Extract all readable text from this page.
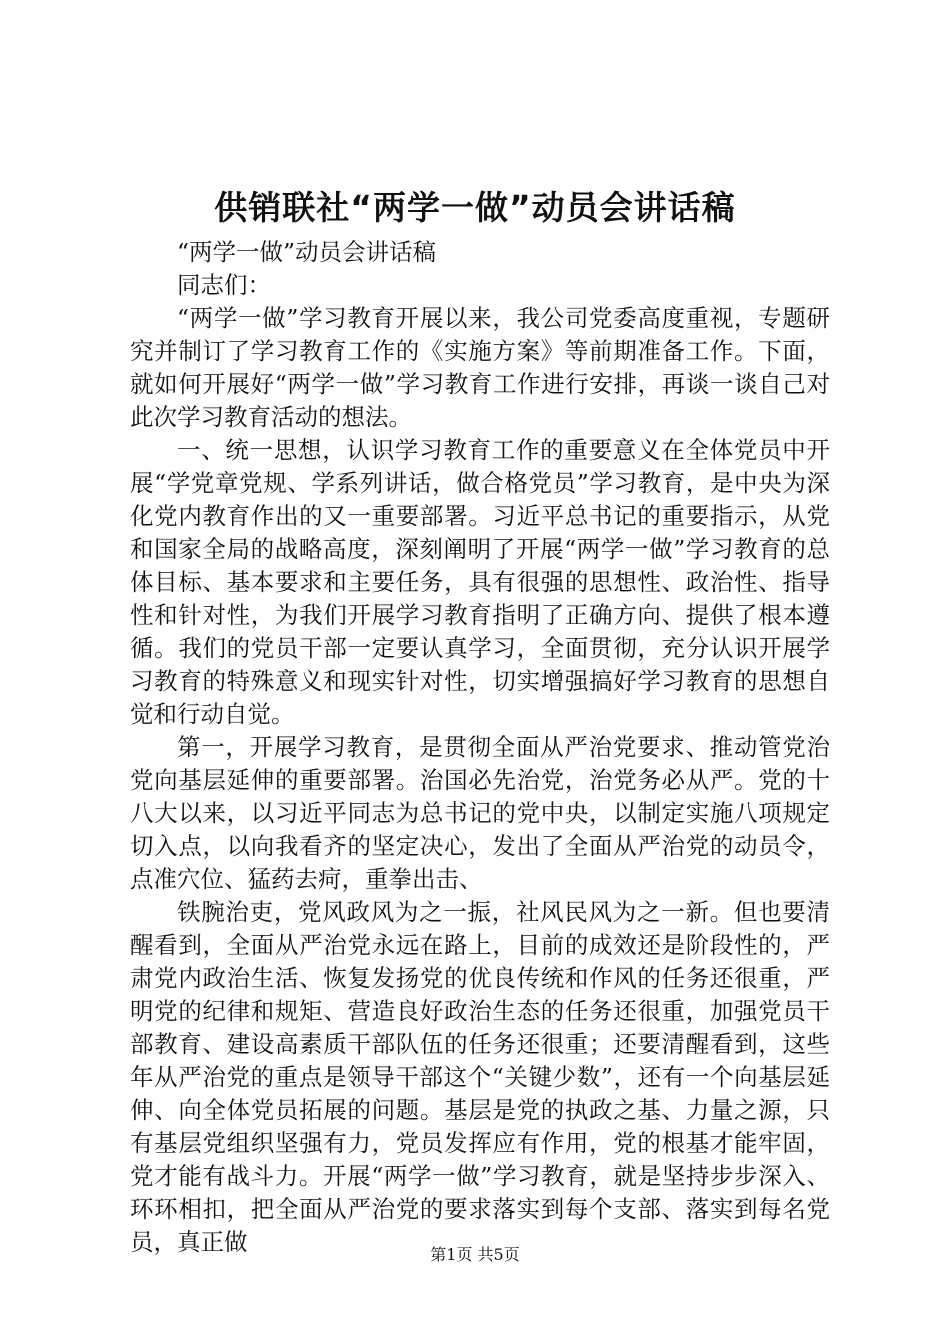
供销联社“两学一做”动员会讲话稿

“两学一做”动员会讲话稿

同志们：

“两学一做”学习教育开展以来，我公司党委高度重视，专题研究并制订了学习教育工作的《实施方案》等前期准备工作。下面，就如何开展好“两学一做”学习教育工作进行安排，再谈一谈自己对此次学习教育活动的想法。

一、统一思想，认识学习教育工作的重要意义在全体党员中开展“学党章党规、学系列讲话，做合格党员”学习教育，是中央为深化党内教育作出的又一重要部署。习近平总书记的重要指示，从党和国家全局的战略高度，深刻阐明了开展“两学一做”学习教育的总体目标、基本要求和主要任务，具有很强的思想性、政治性、指导性和针对性，为我们开展学习教育指明了正确方向、提供了根本遵循。我们的党员干部一定要认真学习，全面贯彻，充分认识开展学习教育的特殊意义和现实针对性，切实增强搞好学习教育的思想自觉和行动自觉。

第一，开展学习教育，是贯彻全面从严治党要求、推动管党治党向基层延伸的重要部署。治国必先治党，治党务必从严。党的十八大以来，以习近平同志为总书记的党中央，以制定实施八项规定切入点，以向我看齐的坚定决心，发出了全面从严治党的动员令，点准穴位、猛药去疴，重拳出击、

铁腕治吏，党风政风为之一振，社风民风为之一新。但也要清醒看到，全面从严治党永远在路上，目前的成效还是阶段性的，严肃党内政治生活、恢复发扬党的优良传统和作风的任务还很重，严明党的纪律和规矩、营造良好政治生态的任务还很重，加强党员干部教育、建设高素质干部队伍的任务还很重；还要清醒看到，这些年从严治党的重点是领导干部这个“关键少数”，还有一个向基层延伸、向全体党员拓展的问题。基层是党的执政之基、力量之源，只有基层党组织坚强有力，党员发挥应有作用，党的根基才能牢固，党才能有战斗力。开展“两学一做”学习教育，就是坚持步步深入、环环相扣，把全面从严治党的要求落实到每个支部、落实到每名党员，真正做	第1页 共5页
